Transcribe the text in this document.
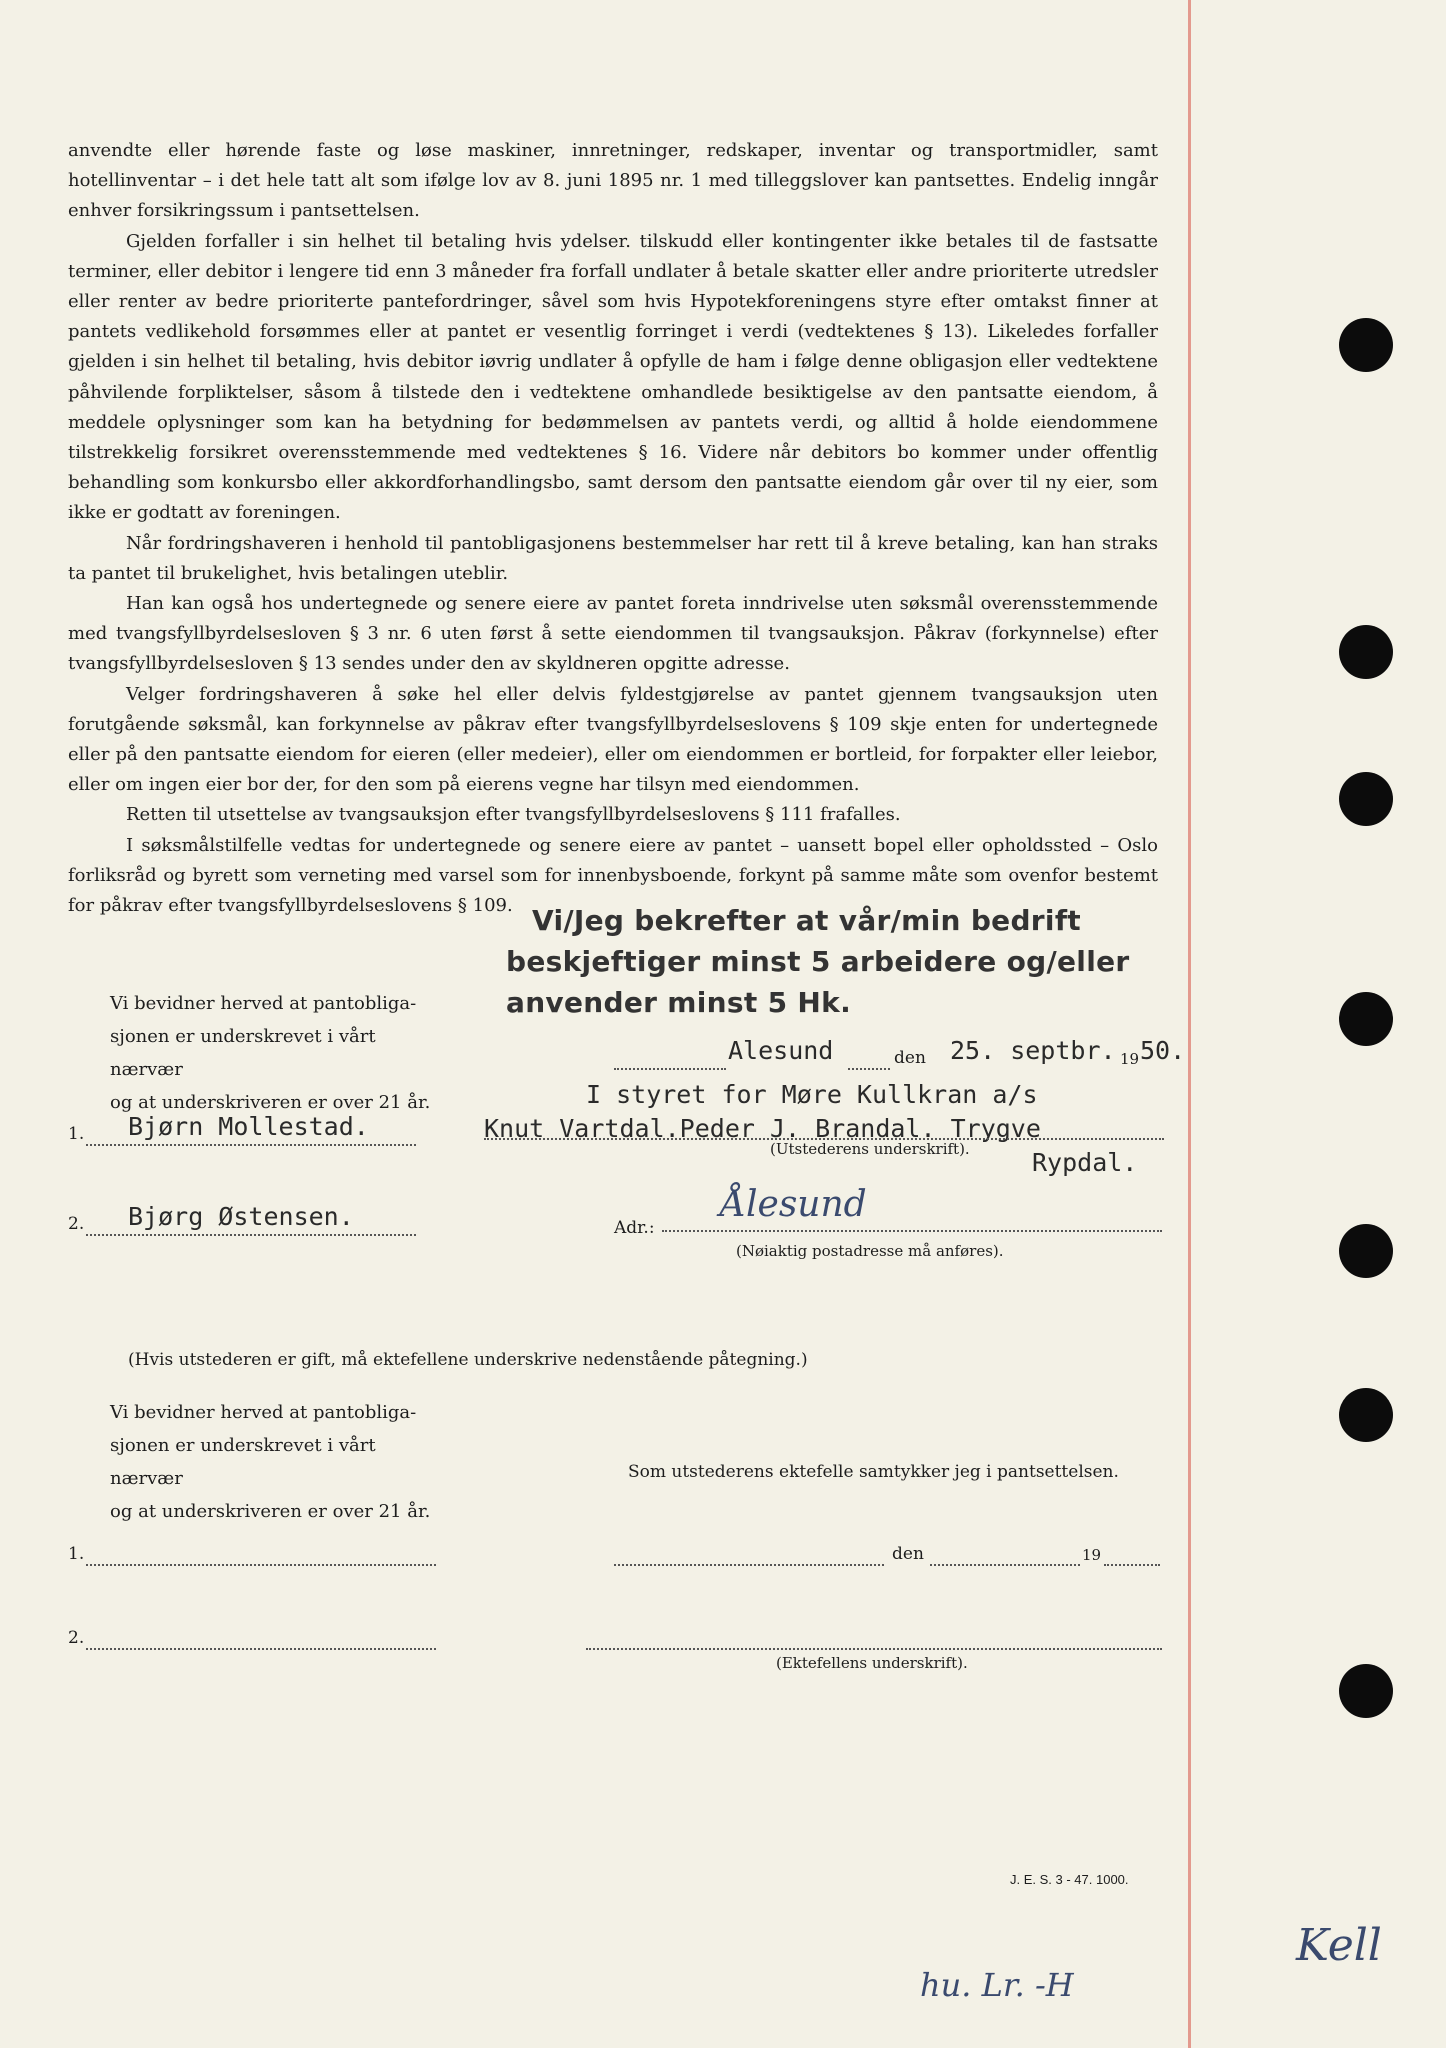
anvendte eller hørende faste og løse maskiner, innretninger, redskaper, inventar og transportmidler, samt hotellinventar – i det hele tatt alt som ifølge lov av 8. juni 1895 nr. 1 med tilleggslover kan pantsettes. Endelig inngår enhver forsikringssum i pantsettelsen.

Gjelden forfaller i sin helhet til betaling hvis ydelser. tilskudd eller kontingenter ikke betales til de fastsatte terminer, eller debitor i lengere tid enn 3 måneder fra forfall undlater å betale skatter eller andre prioriterte utredsler eller renter av bedre prioriterte pantefordringer, såvel som hvis Hypotekforeningens styre efter omtakst finner at pantets vedlikehold forsømmes eller at pantet er vesentlig forringet i verdi (vedtektenes § 13). Likeledes forfaller gjelden i sin helhet til betaling, hvis debitor iøvrig undlater å opfylle de ham i følge denne obligasjon eller vedtektene påhvilende forpliktelser, såsom å tilstede den i vedtektene omhandlede besiktigelse av den pantsatte eiendom, å meddele oplysninger som kan ha betydning for bedømmelsen av pantets verdi, og alltid å holde eiendommene tilstrekkelig forsikret overensstemmende med vedtektenes § 16. Videre når debitors bo kommer under offentlig behandling som konkursbo eller akkordforhandlingsbo, samt dersom den pantsatte eiendom går over til ny eier, som ikke er godtatt av foreningen.

Når fordringshaveren i henhold til pantobligasjonens bestemmelser har rett til å kreve betaling, kan han straks ta pantet til brukelighet, hvis betalingen uteblir.

Han kan også hos undertegnede og senere eiere av pantet foreta inndrivelse uten søksmål overensstemmende med tvangsfyllbyrdelsesloven § 3 nr. 6 uten først å sette eiendommen til tvangsauksjon. Påkrav (forkynnelse) efter tvangsfyllbyrdelsesloven § 13 sendes under den av skyldneren opgitte adresse.

Velger fordringshaveren å søke hel eller delvis fyldestgjørelse av pantet gjennem tvangsauksjon uten forutgående søksmål, kan forkynnelse av påkrav efter tvangsfyllbyrdelseslovens § 109 skje enten for undertegnede eller på den pantsatte eiendom for eieren (eller medeier), eller om eiendommen er bortleid, for forpakter eller leiebor, eller om ingen eier bor der, for den som på eierens vegne har tilsyn med eiendommen.

Retten til utsettelse av tvangsauksjon efter tvangsfyllbyrdelseslovens § 111 frafalles.

I søksmålstilfelle vedtas for undertegnede og senere eiere av pantet – uansett bopel eller opholdssted – Oslo forliksråd og byrett som verneting med varsel som for innenbysboende, forkynt på samme måte som ovenfor bestemt for påkrav efter tvangsfyllbyrdelseslovens § 109. Vi/Jeg bekrefter at vår/min bedrift
beskjeftiger minst 5 arbeidere og/eller
anvender minst 5 Hk.

Vi bevidner herved at pantobliga-

sjonen er underskrevet i vårt nærvær

og at underskriveren er over 21 år.

Alesund	den 25. septbr. 19 50.
I styret for Møre Kullkran a/s
Knut Vartdal.Peder J. Brandal. Trygve
(Utstederens underskrift). Rypdal.
1. Bjørn Mollestad.
2. Bjørg Østensen.	Adr.:
Ålesund
(Nøiaktig postadresse må anføres).
(Hvis utstederen er gift, må ektefellene underskrive nedenstående påtegning.)

Vi bevidner herved at pantobliga-

sjonen er underskrevet i vårt nærvær

og at underskriveren er over 21 år.

Som utstederens ektefelle samtykker jeg i pantsettelsen.
1.
2.
den	19
(Ektefellens underskrift).
J. E. S. 3 - 47. 1000.
hu. Lr. -H
Kell
